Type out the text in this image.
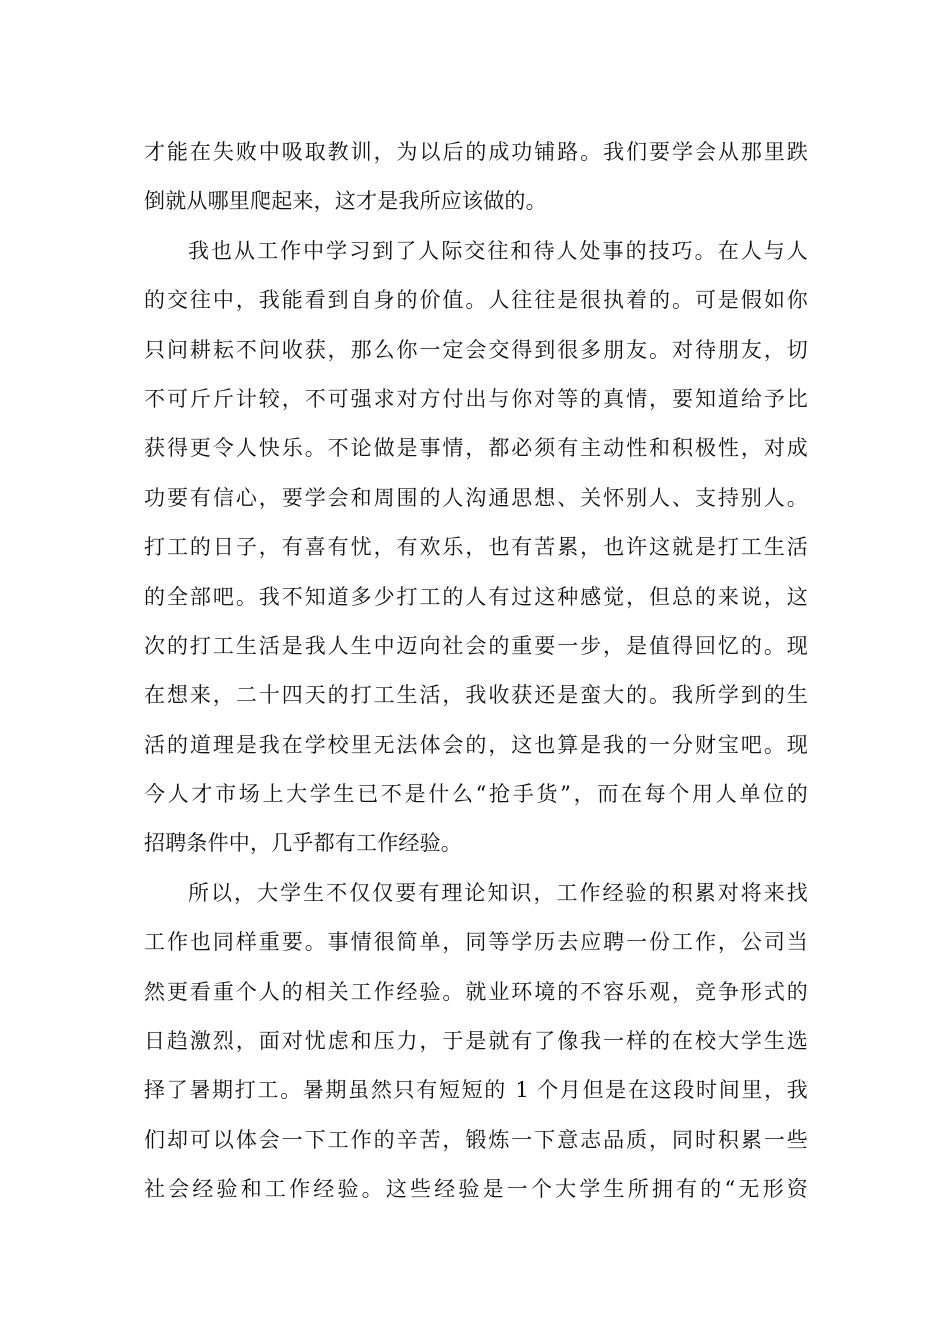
才能在失败中吸取教训，为以后的成功铺路。我们要学会从那里跌
倒就从哪里爬起来，这才是我所应该做的。
我也从工作中学习到了人际交往和待人处事的技巧。在人与人
的交往中，我能看到自身的价值。人往往是很执着的。可是假如你
只问耕耘不问收获，那么你一定会交得到很多朋友。对待朋友，切
不可斤斤计较，不可强求对方付出与你对等的真情，要知道给予比
获得更令人快乐。不论做是事情，都必须有主动性和积极性，对成
功要有信心，要学会和周围的人沟通思想、关怀别人、支持别人。
打工的日子，有喜有忧，有欢乐，也有苦累，也许这就是打工生活
的全部吧。我不知道多少打工的人有过这种感觉，但总的来说，这
次的打工生活是我人生中迈向社会的重要一步，是值得回忆的。现
在想来，二十四天的打工生活，我收获还是蛮大的。我所学到的生
活的道理是我在学校里无法体会的，这也算是我的一分财宝吧。现
今人才市场上大学生已不是什么“抢手货”，而在每个用人单位的
招聘条件中，几乎都有工作经验。
所以，大学生不仅仅要有理论知识，工作经验的积累对将来找
工作也同样重要。事情很简单，同等学历去应聘一份工作，公司当
然更看重个人的相关工作经验。就业环境的不容乐观，竞争形式的
日趋激烈，面对忧虑和压力，于是就有了像我一样的在校大学生选
择了暑期打工。暑期虽然只有短短的 1 个月但是在这段时间里，我
们却可以体会一下工作的辛苦，锻炼一下意志品质，同时积累一些
社会经验和工作经验。这些经验是一个大学生所拥有的“无形资
